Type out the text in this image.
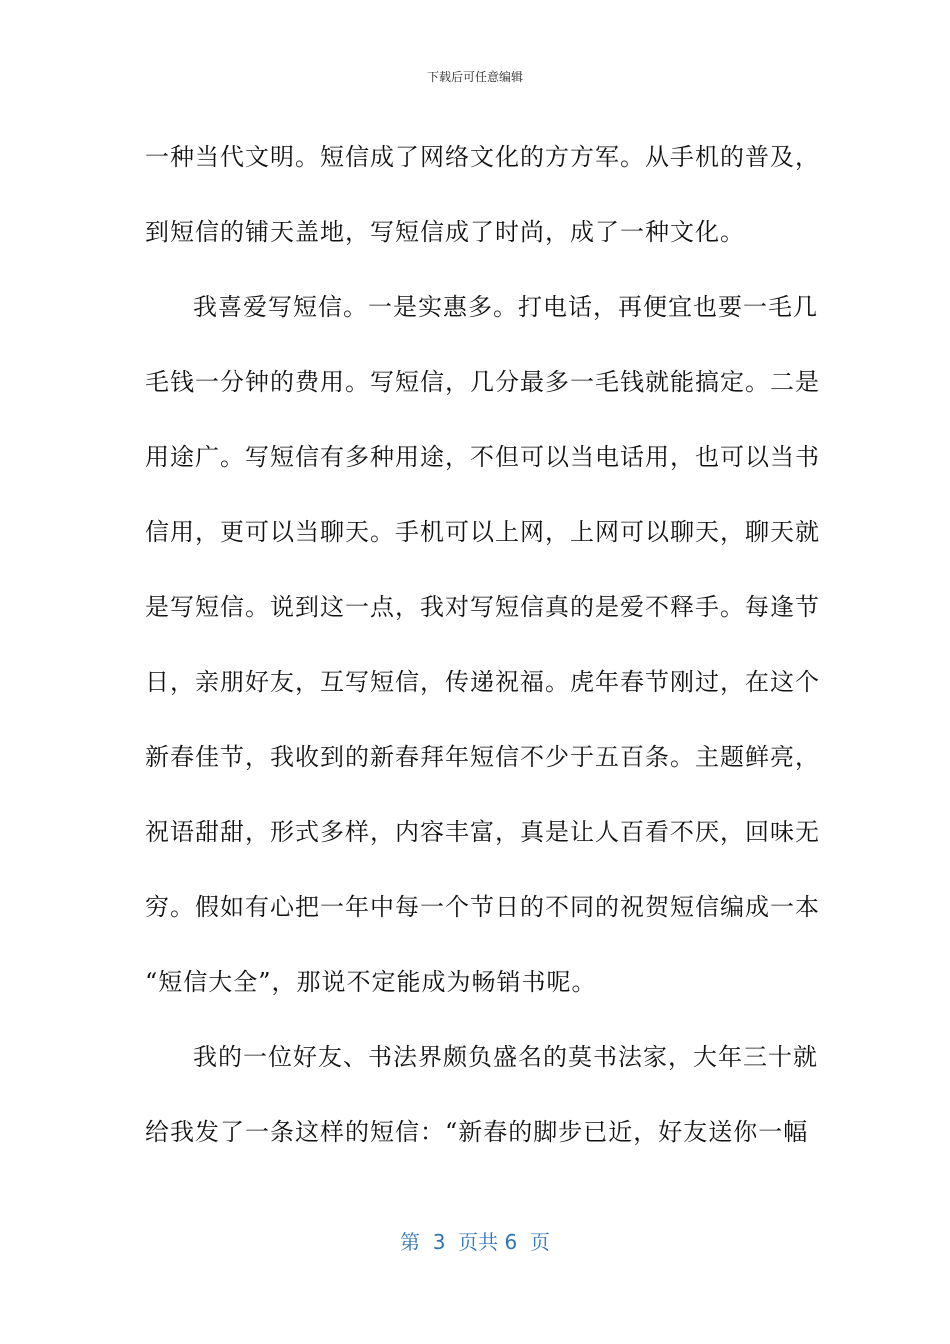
下载后可任意编辑
一种当代文明。短信成了网络文化的方方军。从手机的普及，
到短信的铺天盖地，写短信成了时尚，成了一种文化。
我喜爱写短信。一是实惠多。打电话，再便宜也要一毛几
毛钱一分钟的费用。写短信，几分最多一毛钱就能搞定。二是
用途广。写短信有多种用途，不但可以当电话用，也可以当书
信用，更可以当聊天。手机可以上网，上网可以聊天，聊天就
是写短信。说到这一点，我对写短信真的是爱不释手。每逢节
日，亲朋好友，互写短信，传递祝福。虎年春节刚过，在这个
新春佳节，我收到的新春拜年短信不少于五百条。主题鲜亮，
祝语甜甜，形式多样，内容丰富，真是让人百看不厌，回味无
穷。假如有心把一年中每一个节日的不同的祝贺短信编成一本
“短信大全”，那说不定能成为畅销书呢。
我的一位好友、书法界颇负盛名的莫书法家，大年三十就
给我发了一条这样的短信：“新春的脚步已近，好友送你一幅
第  3  页共 6  页
